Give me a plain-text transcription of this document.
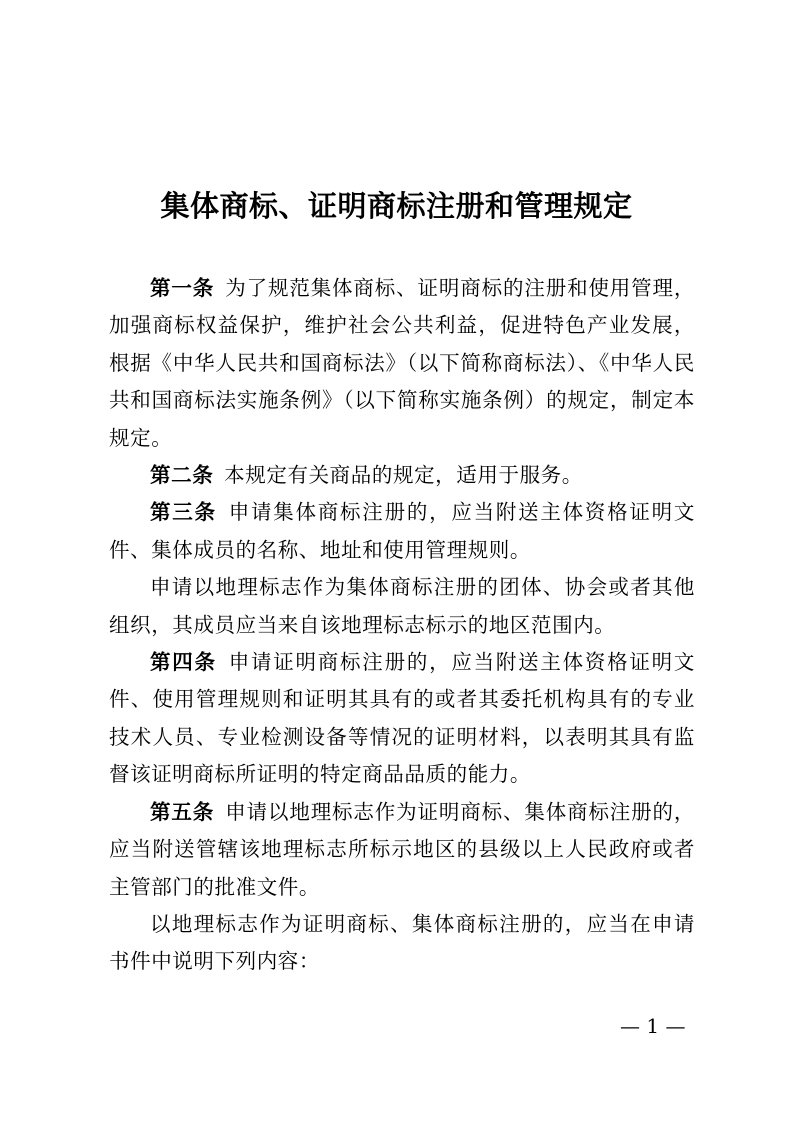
集体商标、证明商标注册和管理规定

第一条  为了规范集体商标、证明商标的注册和使用管理，加强商标权益保护，维护社会公共利益，促进特色产业发展，根据《中华人民共和国商标法》（以下简称商标法）、《中华人民共和国商标法实施条例》（以下简称实施条例）的规定，制定本规定。

第二条  本规定有关商品的规定，适用于服务。

第三条  申请集体商标注册的，应当附送主体资格证明文件、集体成员的名称、地址和使用管理规则。

申请以地理标志作为集体商标注册的团体、协会或者其他组织，其成员应当来自该地理标志标示的地区范围内。

第四条  申请证明商标注册的，应当附送主体资格证明文件、使用管理规则和证明其具有的或者其委托机构具有的专业技术人员、专业检测设备等情况的证明材料，以表明其具有监督该证明商标所证明的特定商品品质的能力。

第五条  申请以地理标志作为证明商标、集体商标注册的，应当附送管辖该地理标志所标示地区的县级以上人民政府或者主管部门的批准文件。

以地理标志作为证明商标、集体商标注册的，应当在申请书件中说明下列内容：

— 1 —
